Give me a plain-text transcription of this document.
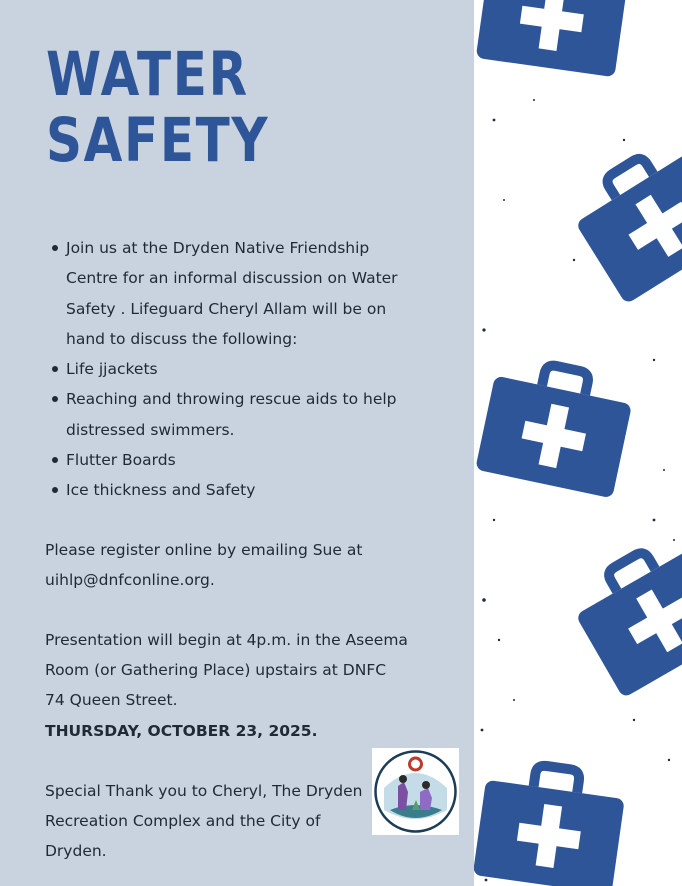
WATER
SAFETY
Join us at the Dryden Native Friendship Centre for an informal discussion on Water Safety . Lifeguard Cheryl Allam will be on hand to discuss the following:
Life jjackets
Reaching and throwing rescue aids to help distressed swimmers.
Flutter Boards
Ice thickness and Safety
Please register online by emailing Sue at
uihlp@dnfconline.org.
Presentation will begin at 4p.m. in the Aseema
Room (or Gathering Place) upstairs at DNFC
74 Queen Street.
THURSDAY, OCTOBER 23, 2025.
Special Thank you to Cheryl, The Dryden
Recreation Complex and the City of
Dryden.
